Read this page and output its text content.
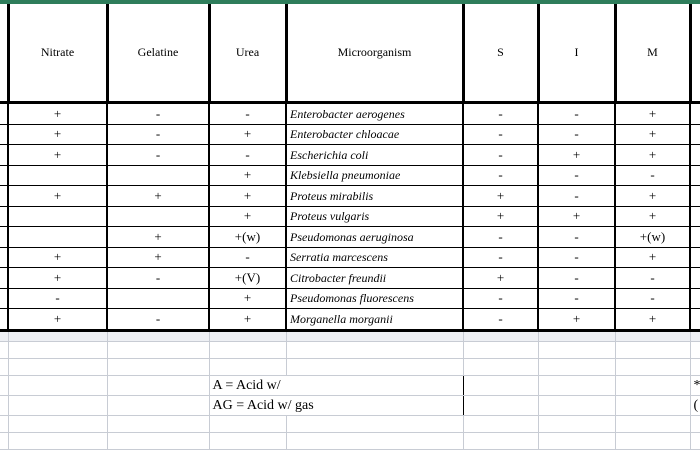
	Nitrate	Gelatine	Urea	Microorganism	S	I	M	
	+	-	-	Enterobacter aerogenes	-	-	+	
	+	-	+	Enterobacter chloacae	-	-	+	
	+	-	-	Escherichia coli	-	+	+	
			+	Klebsiella pneumoniae	-	-	-	
	+	+	+	Proteus mirabilis	+	-	+	
			+	Proteus vulgaris	+	+	+	
		+	+(w)	Pseudomonas aeruginosa	-	-	+(w)	
	+	+	-	Serratia marcescens	-	-	+	
	+	-	+(V)	Citrobacter freundii	+	-	-	
	-		+	Pseudomonas fluorescens	-	-	-	
	+	-	+	Morganella morganii	-	+	+	

			A = Acid w/					*
			AG = Acid w/ gas					(
